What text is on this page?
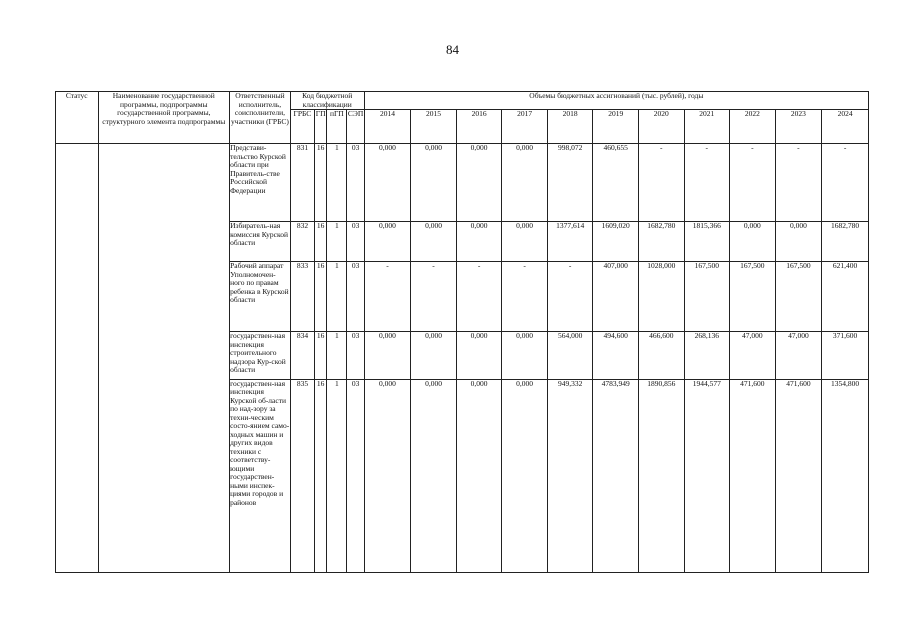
84
Статус	Наименование государственной программы, подпрограммы государственной программы, структурного элемента подпрограммы	Ответственный исполнитель, соисполнители, участники (ГРБС)	Код бюджетной классификации				Объемы бюджетных ассигнований (тыс. рублей), годы										
			ГРБС	ГП	пГП	СЭП	2014	2015	2016	2017	2018	2019	2020	2021	2022	2023	2024
		Представи-тельство Курской области при Правитель-стве Российской Федерации	831	16	1	03	0,000	0,000	0,000	0,000	998,072	460,655	-	-	-	-	-
		Избиратель-ная комиссия Курской области	832	16	1	03	0,000	0,000	0,000	0,000	1377,614	1609,020	1682,780	1815,366	0,000	0,000	1682,780
		Рабочий аппарат Уполномочен-ного по правам ребенка в Курской области	833	16	1	03	-	-	-	-	-	407,000	1028,000	167,500	167,500	167,500	621,400
		государствен-ная инспекция строительного надзора Кур-ской области	834	16	1	03	0,000	0,000	0,000	0,000	564,000	494,600	466,600	268,136	47,000	47,000	371,600
		государствен-ная инспекция Курской об-ласти по над-зору за техни-ческим состо-янием само-ходных машин и других видов техники с соответству-ющими государствен-ными инспек-циями городов и районов	835	16	1	03	0,000	0,000	0,000	0,000	949,332	4783,949	1890,856	1944,577	471,600	471,600	1354,800
